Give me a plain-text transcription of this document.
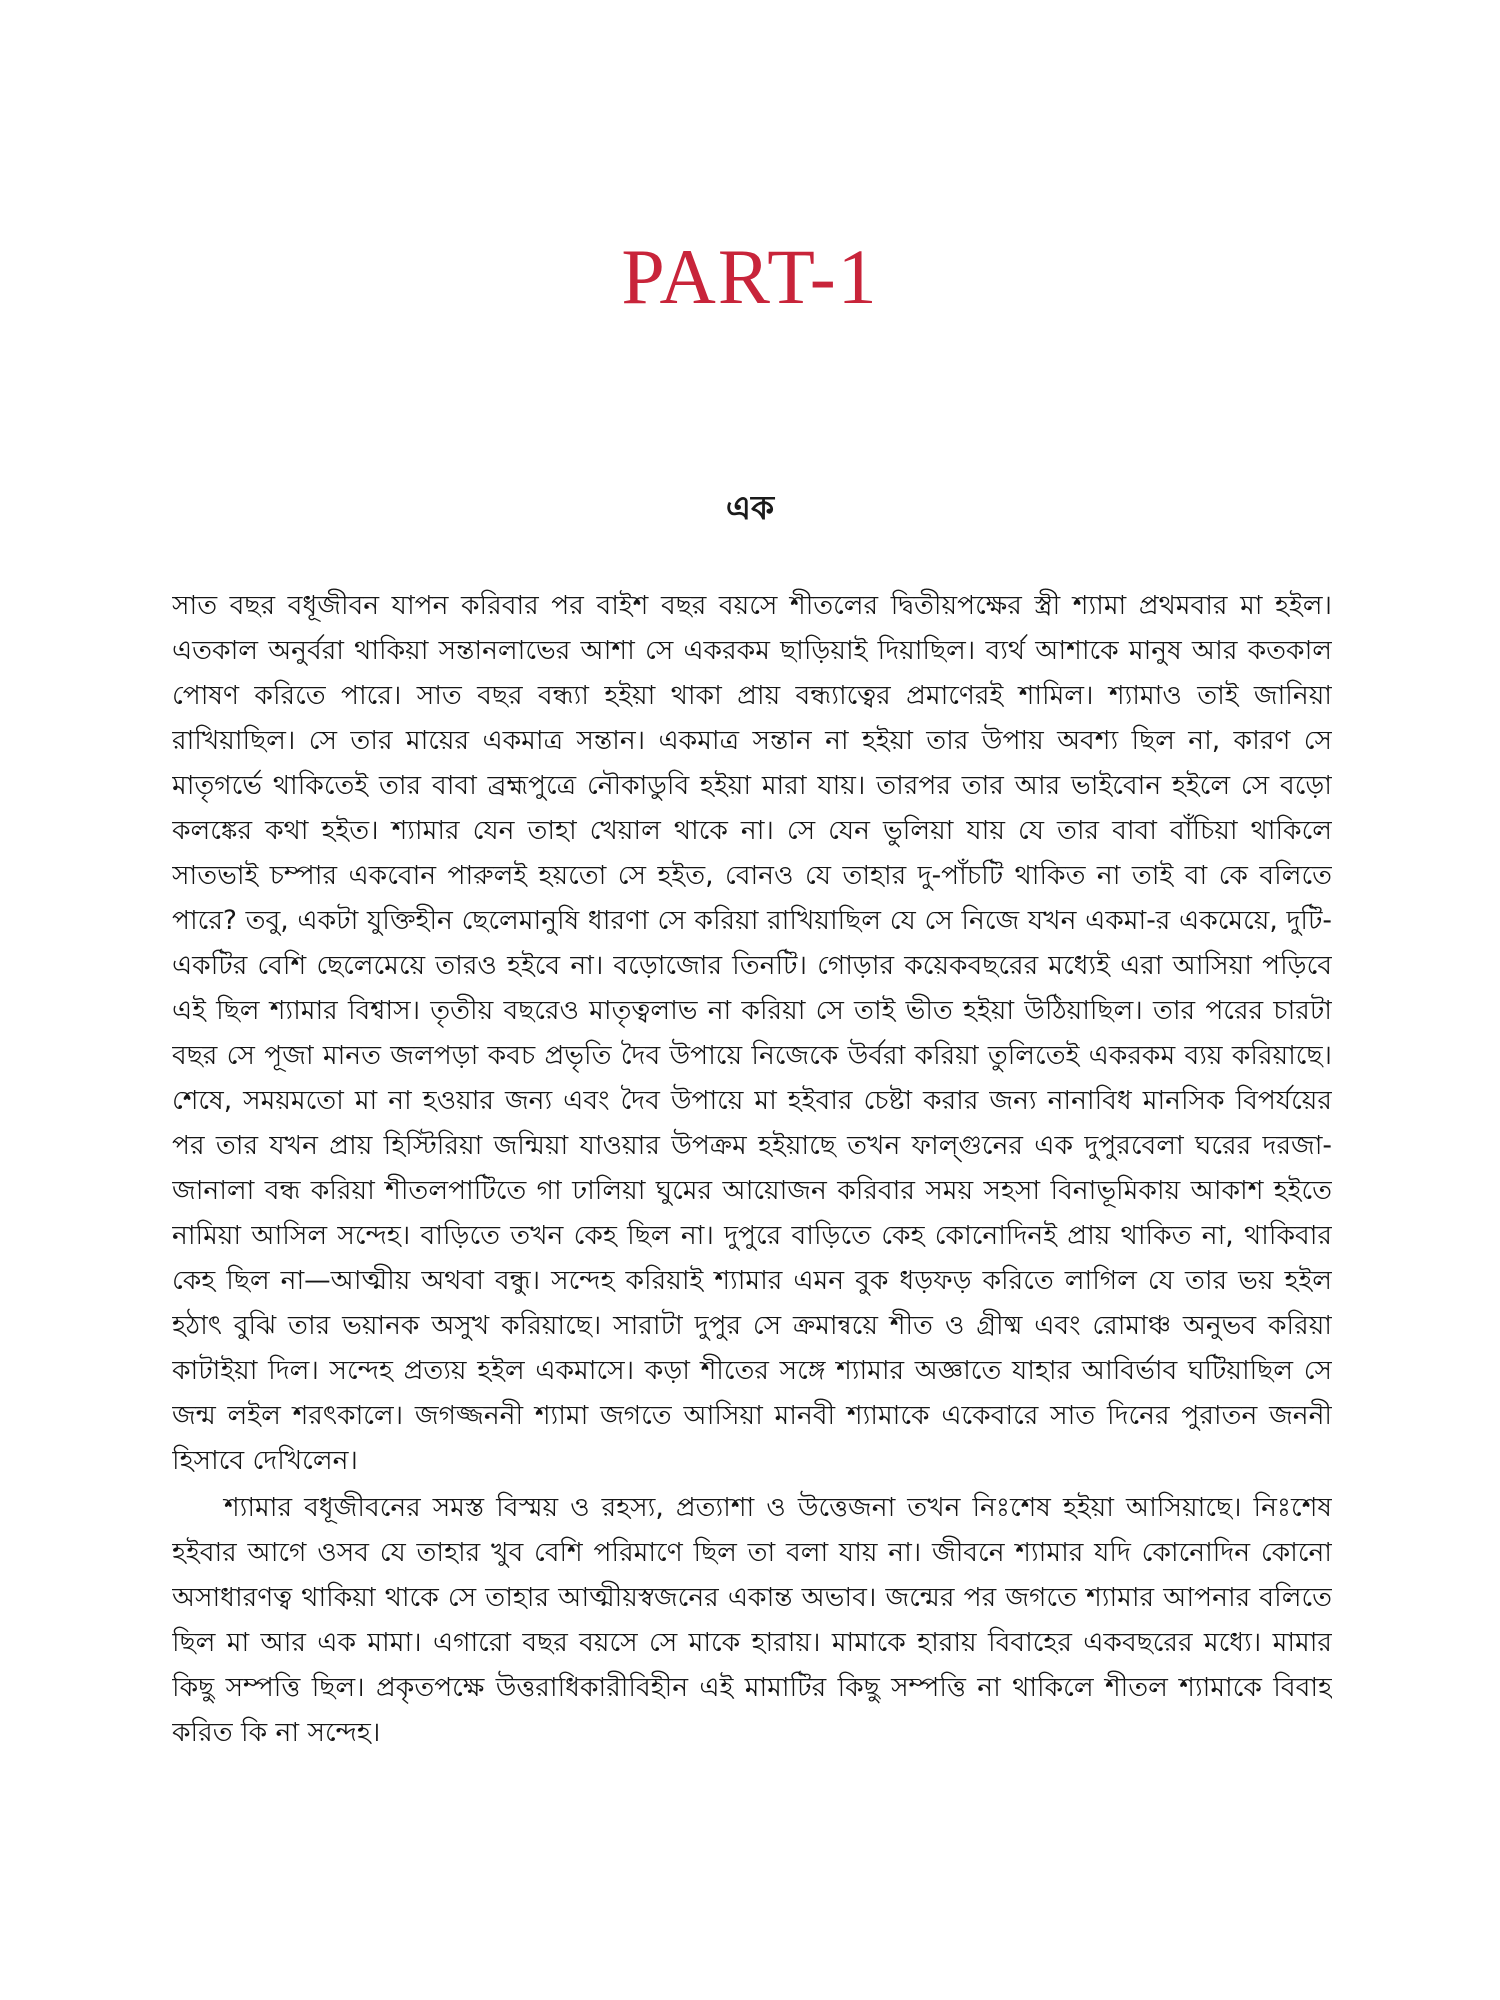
PART-1
এক

সাত বছর বধূজীবন যাপন করিবার পর বাইশ বছর বয়সে শীতলের দ্বিতীয়পক্ষের স্ত্রী শ্যামা প্রথমবার মা হইল। এতকাল অনুর্বরা থাকিয়া সন্তানলাভের আশা সে একরকম ছাড়িয়াই দিয়াছিল। ব্যর্থ আশাকে মানুষ আর কতকাল পোষণ করিতে পারে। সাত বছর বন্ধ্যা হইয়া থাকা প্রায় বন্ধ্যাত্বের প্রমাণেরই শামিল। শ্যামাও তাই জানিয়া রাখিয়াছিল। সে তার মায়ের একমাত্র সন্তান। একমাত্র সন্তান না হইয়া তার উপায় অবশ্য ছিল না, কারণ সে মাতৃগর্ভে থাকিতেই তার বাবা ব্রহ্মপুত্রে নৌকাডুবি হইয়া মারা যায়। তারপর তার আর ভাইবোন হইলে সে বড়ো কলঙ্কের কথা হইত। শ্যামার যেন তাহা খেয়াল থাকে না। সে যেন ভুলিয়া যায় যে তার বাবা বাঁচিয়া থাকিলে সাতভাই চম্পার একবোন পারুলই হয়তো সে হইত, বোনও যে তাহার দু-পাঁচটি থাকিত না তাই বা কে বলিতে পারে? তবু, একটা যুক্তিহীন ছেলেমানুষি ধারণা সে করিয়া রাখিয়াছিল যে সে নিজে যখন একমা-র একমেয়ে, দুটি-একটির বেশি ছেলেমেয়ে তারও হইবে না। বড়োজোর তিনটি। গোড়ার কয়েকবছরের মধ্যেই এরা আসিয়া পড়িবে এই ছিল শ্যামার বিশ্বাস। তৃতীয় বছরেও মাতৃত্বলাভ না করিয়া সে তাই ভীত হইয়া উঠিয়াছিল। তার পরের চারটা বছর সে পূজা মানত জলপড়া কবচ প্রভৃতি দৈব উপায়ে নিজেকে উর্বরা করিয়া তুলিতেই একরকম ব্যয় করিয়াছে। শেষে, সময়মতো মা না হওয়ার জন্য এবং দৈব উপায়ে মা হইবার চেষ্টা করার জন্য নানাবিধ মানসিক বিপর্যয়ের পর তার যখন প্রায় হিস্টিরিয়া জন্মিয়া যাওয়ার উপক্রম হইয়াছে তখন ফাল্গুনের এক দুপুরবেলা ঘরের দরজা-জানালা বন্ধ করিয়া শীতলপাটিতে গা ঢালিয়া ঘুমের আয়োজন করিবার সময় সহসা বিনাভূমিকায় আকাশ হইতে নামিয়া আসিল সন্দেহ। বাড়িতে তখন কেহ ছিল না। দুপুরে বাড়িতে কেহ কোনোদিনই প্রায় থাকিত না, থাকিবার কেহ ছিল না—আত্মীয় অথবা বন্ধু। সন্দেহ করিয়াই শ্যামার এমন বুক ধড়ফড় করিতে লাগিল যে তার ভয় হইল হঠাৎ বুঝি তার ভয়ানক অসুখ করিয়াছে। সারাটা দুপুর সে ক্রমান্বয়ে শীত ও গ্রীষ্ম এবং রোমাঞ্চ অনুভব করিয়া কাটাইয়া দিল। সন্দেহ প্রত্যয় হইল একমাসে। কড়া শীতের সঙ্গে শ্যামার অজ্ঞাতে যাহার আবির্ভাব ঘটিয়াছিল সে জন্ম লইল শরৎকালে। জগজ্জননী শ্যামা জগতে আসিয়া মানবী শ্যামাকে একেবারে সাত দিনের পুরাতন জননী হিসাবে দেখিলেন।

শ্যামার বধূজীবনের সমস্ত বিস্ময় ও রহস্য, প্রত্যাশা ও উত্তেজনা তখন নিঃশেষ হইয়া আসিয়াছে। নিঃশেষ হইবার আগে ওসব যে তাহার খুব বেশি পরিমাণে ছিল তা বলা যায় না। জীবনে শ্যামার যদি কোনোদিন কোনো অসাধারণত্ব থাকিয়া থাকে সে তাহার আত্মীয়স্বজনের একান্ত অভাব। জন্মের পর জগতে শ্যামার আপনার বলিতে ছিল মা আর এক মামা। এগারো বছর বয়সে সে মাকে হারায়। মামাকে হারায় বিবাহের একবছরের মধ্যে। মামার কিছু সম্পত্তি ছিল। প্রকৃতপক্ষে উত্তরাধিকারীবিহীন এই মামাটির কিছু সম্পত্তি না থাকিলে শীতল শ্যামাকে বিবাহ করিত কি না সন্দেহ।
